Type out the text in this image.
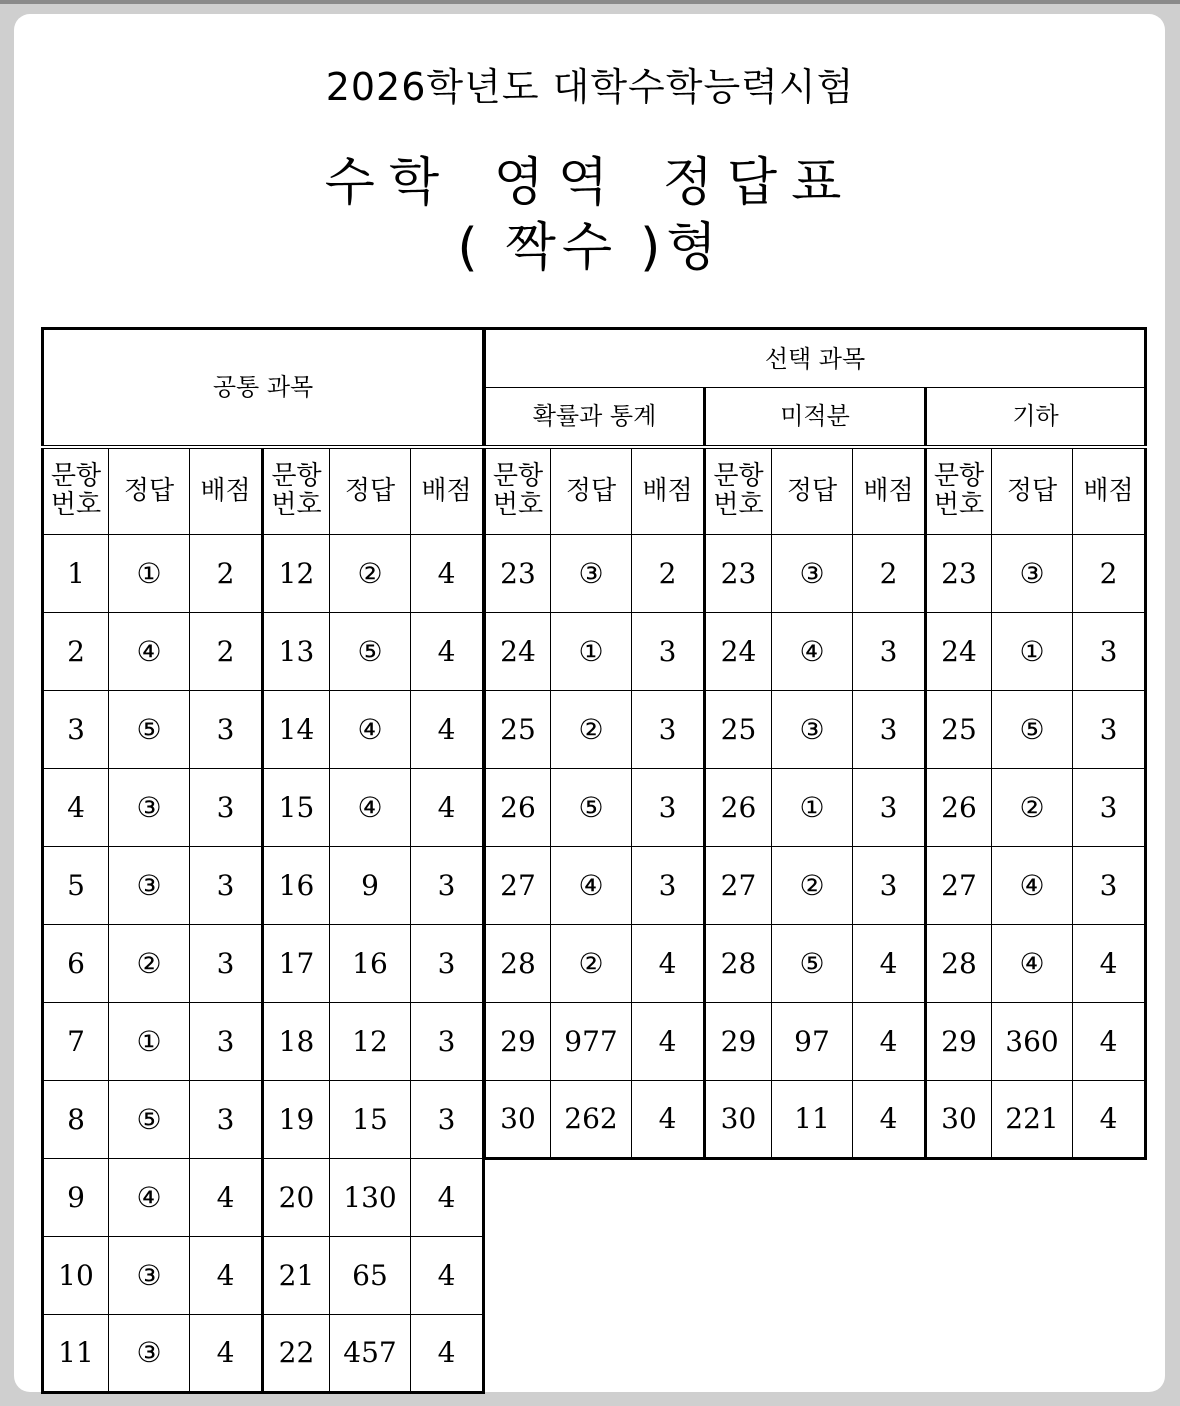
2026학년도 대학수학능력시험
수학 영역 정답표
( 짝수 )형
공통 과목					
문항
번호	정답	배점	문항
번호	정답	배점
1	①	2	12	②	4
2	④	2	13	⑤	4
3	⑤	3	14	④	4
4	③	3	15	④	4
5	③	3	16	9	3
6	②	3	17	16	3
7	①	3	18	12	3
8	⑤	3	19	15	3
9	④	4	20	130	4
10	③	4	21	65	4
11	③	4	22	457	4
선택 과목								
확률과 통계			미적분			기하		
문항
번호	정답	배점	문항
번호	정답	배점	문항
번호	정답	배점
23	③	2	23	③	2	23	③	2
24	①	3	24	④	3	24	①	3
25	②	3	25	③	3	25	⑤	3
26	⑤	3	26	①	3	26	②	3
27	④	3	27	②	3	27	④	3
28	②	4	28	⑤	4	28	④	4
29	977	4	29	97	4	29	360	4
30	262	4	30	11	4	30	221	4
